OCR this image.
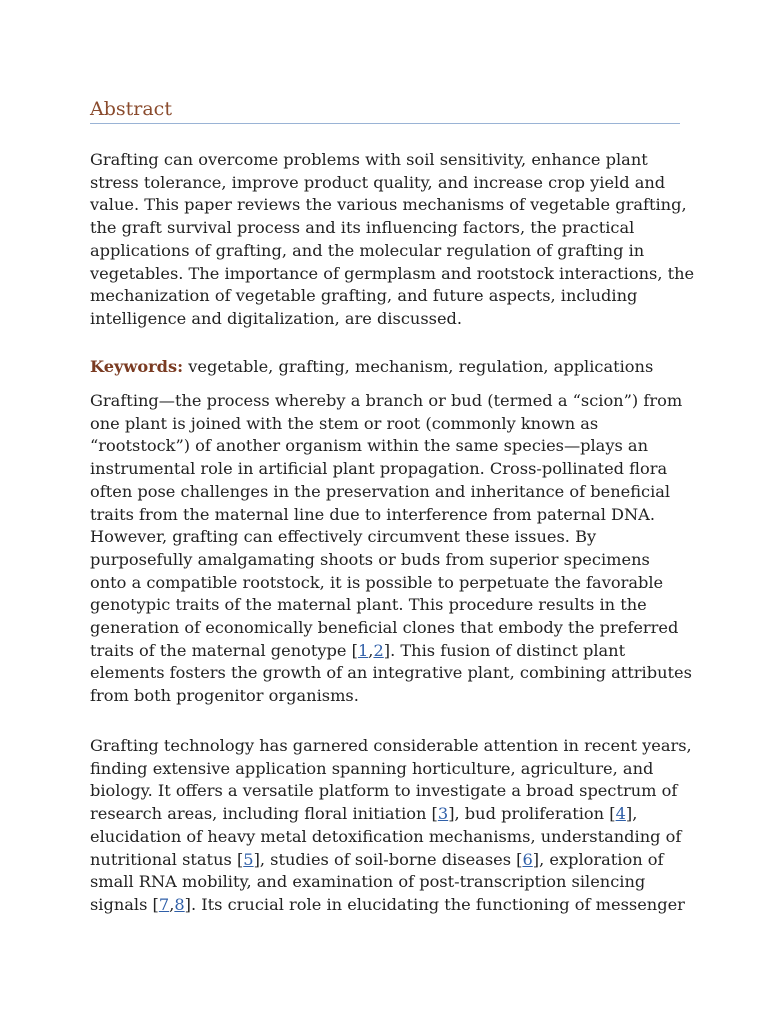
Abstract
Grafting can overcome problems with soil sensitivity, enhance plant
stress tolerance, improve product quality, and increase crop yield and
value. This paper reviews the various mechanisms of vegetable grafting,
the graft survival process and its influencing factors, the practical
applications of grafting, and the molecular regulation of grafting in
vegetables. The importance of germplasm and rootstock interactions, the
mechanization of vegetable grafting, and future aspects, including
intelligence and digitalization, are discussed.
Keywords: vegetable, grafting, mechanism, regulation, applications
Grafting—the process whereby a branch or bud (termed a “scion”) from
one plant is joined with the stem or root (commonly known as
“rootstock”) of another organism within the same species—plays an
instrumental role in artificial plant propagation. Cross-pollinated flora
often pose challenges in the preservation and inheritance of beneficial
traits from the maternal line due to interference from paternal DNA.
However, grafting can effectively circumvent these issues. By
purposefully amalgamating shoots or buds from superior specimens
onto a compatible rootstock, it is possible to perpetuate the favorable
genotypic traits of the maternal plant. This procedure results in the
generation of economically beneficial clones that embody the preferred
traits of the maternal genotype [1,2]. This fusion of distinct plant
elements fosters the growth of an integrative plant, combining attributes
from both progenitor organisms.
Grafting technology has garnered considerable attention in recent years,
finding extensive application spanning horticulture, agriculture, and
biology. It offers a versatile platform to investigate a broad spectrum of
research areas, including floral initiation [3], bud proliferation [4],
elucidation of heavy metal detoxification mechanisms, understanding of
nutritional status [5], studies of soil-borne diseases [6], exploration of
small RNA mobility, and examination of post-transcription silencing
signals [7,8]. Its crucial role in elucidating the functioning of messenger
